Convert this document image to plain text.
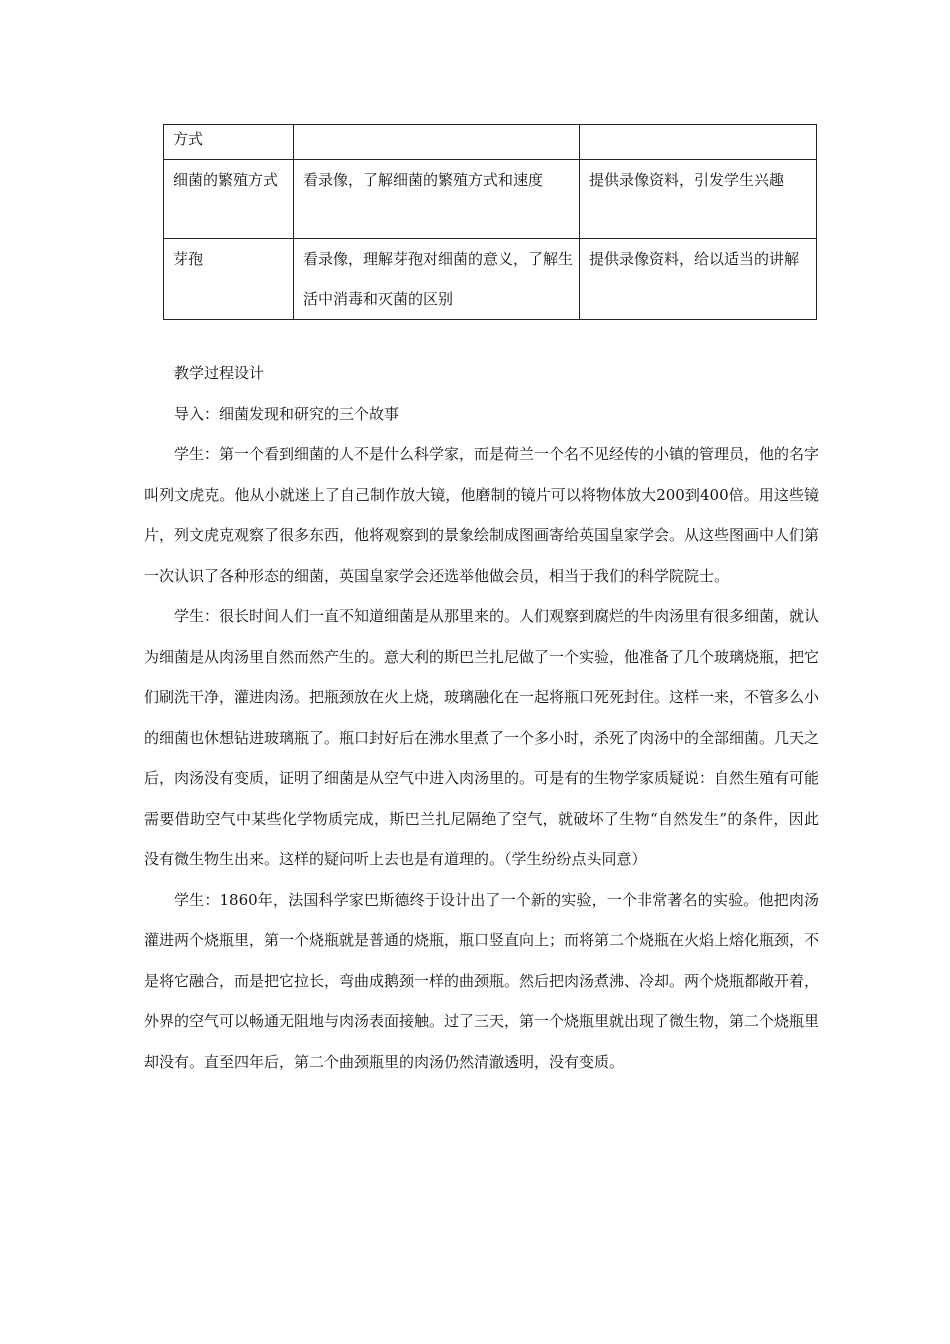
方式		
细菌的繁殖方式	看录像，了解细菌的繁殖方式和速度	提供录像资料，引发学生兴趣
芽孢	看录像，理解芽孢对细菌的意义，了解生活中消毒和灭菌的区别	提供录像资料，给以适当的讲解

教学过程设计

导入：细菌发现和研究的三个故事

学生：第一个看到细菌的人不是什么科学家，而是荷兰一个名不见经传的小镇的管理员，他的名字叫列文虎克。他从小就迷上了自己制作放大镜，他磨制的镜片可以将物体放大200到400倍。用这些镜片，列文虎克观察了很多东西，他将观察到的景象绘制成图画寄给英国皇家学会。从这些图画中人们第一次认识了各种形态的细菌，英国皇家学会还选举他做会员，相当于我们的科学院院士。

学生：很长时间人们一直不知道细菌是从那里来的。人们观察到腐烂的牛肉汤里有很多细菌，就认为细菌是从肉汤里自然而然产生的。意大利的斯巴兰扎尼做了一个实验，他准备了几个玻璃烧瓶，把它们刷洗干净，灌进肉汤。把瓶颈放在火上烧，玻璃融化在一起将瓶口死死封住。这样一来，不管多么小的细菌也休想钻进玻璃瓶了。瓶口封好后在沸水里煮了一个多小时，杀死了肉汤中的全部细菌。几天之后，肉汤没有变质，证明了细菌是从空气中进入肉汤里的。可是有的生物学家质疑说：自然生殖有可能需要借助空气中某些化学物质完成，斯巴兰扎尼隔绝了空气，就破坏了生物“自然发生”的条件，因此没有微生物生出来。这样的疑问听上去也是有道理的。（学生纷纷点头同意）

学生：1860年，法国科学家巴斯德终于设计出了一个新的实验，一个非常著名的实验。他把肉汤灌进两个烧瓶里，第一个烧瓶就是普通的烧瓶，瓶口竖直向上；而将第二个烧瓶在火焰上熔化瓶颈，不是将它融合，而是把它拉长，弯曲成鹅颈一样的曲颈瓶。然后把肉汤煮沸、冷却。两个烧瓶都敞开着，外界的空气可以畅通无阻地与肉汤表面接触。过了三天，第一个烧瓶里就出现了微生物，第二个烧瓶里却没有。直至四年后，第二个曲颈瓶里的肉汤仍然清澈透明，没有变质。
